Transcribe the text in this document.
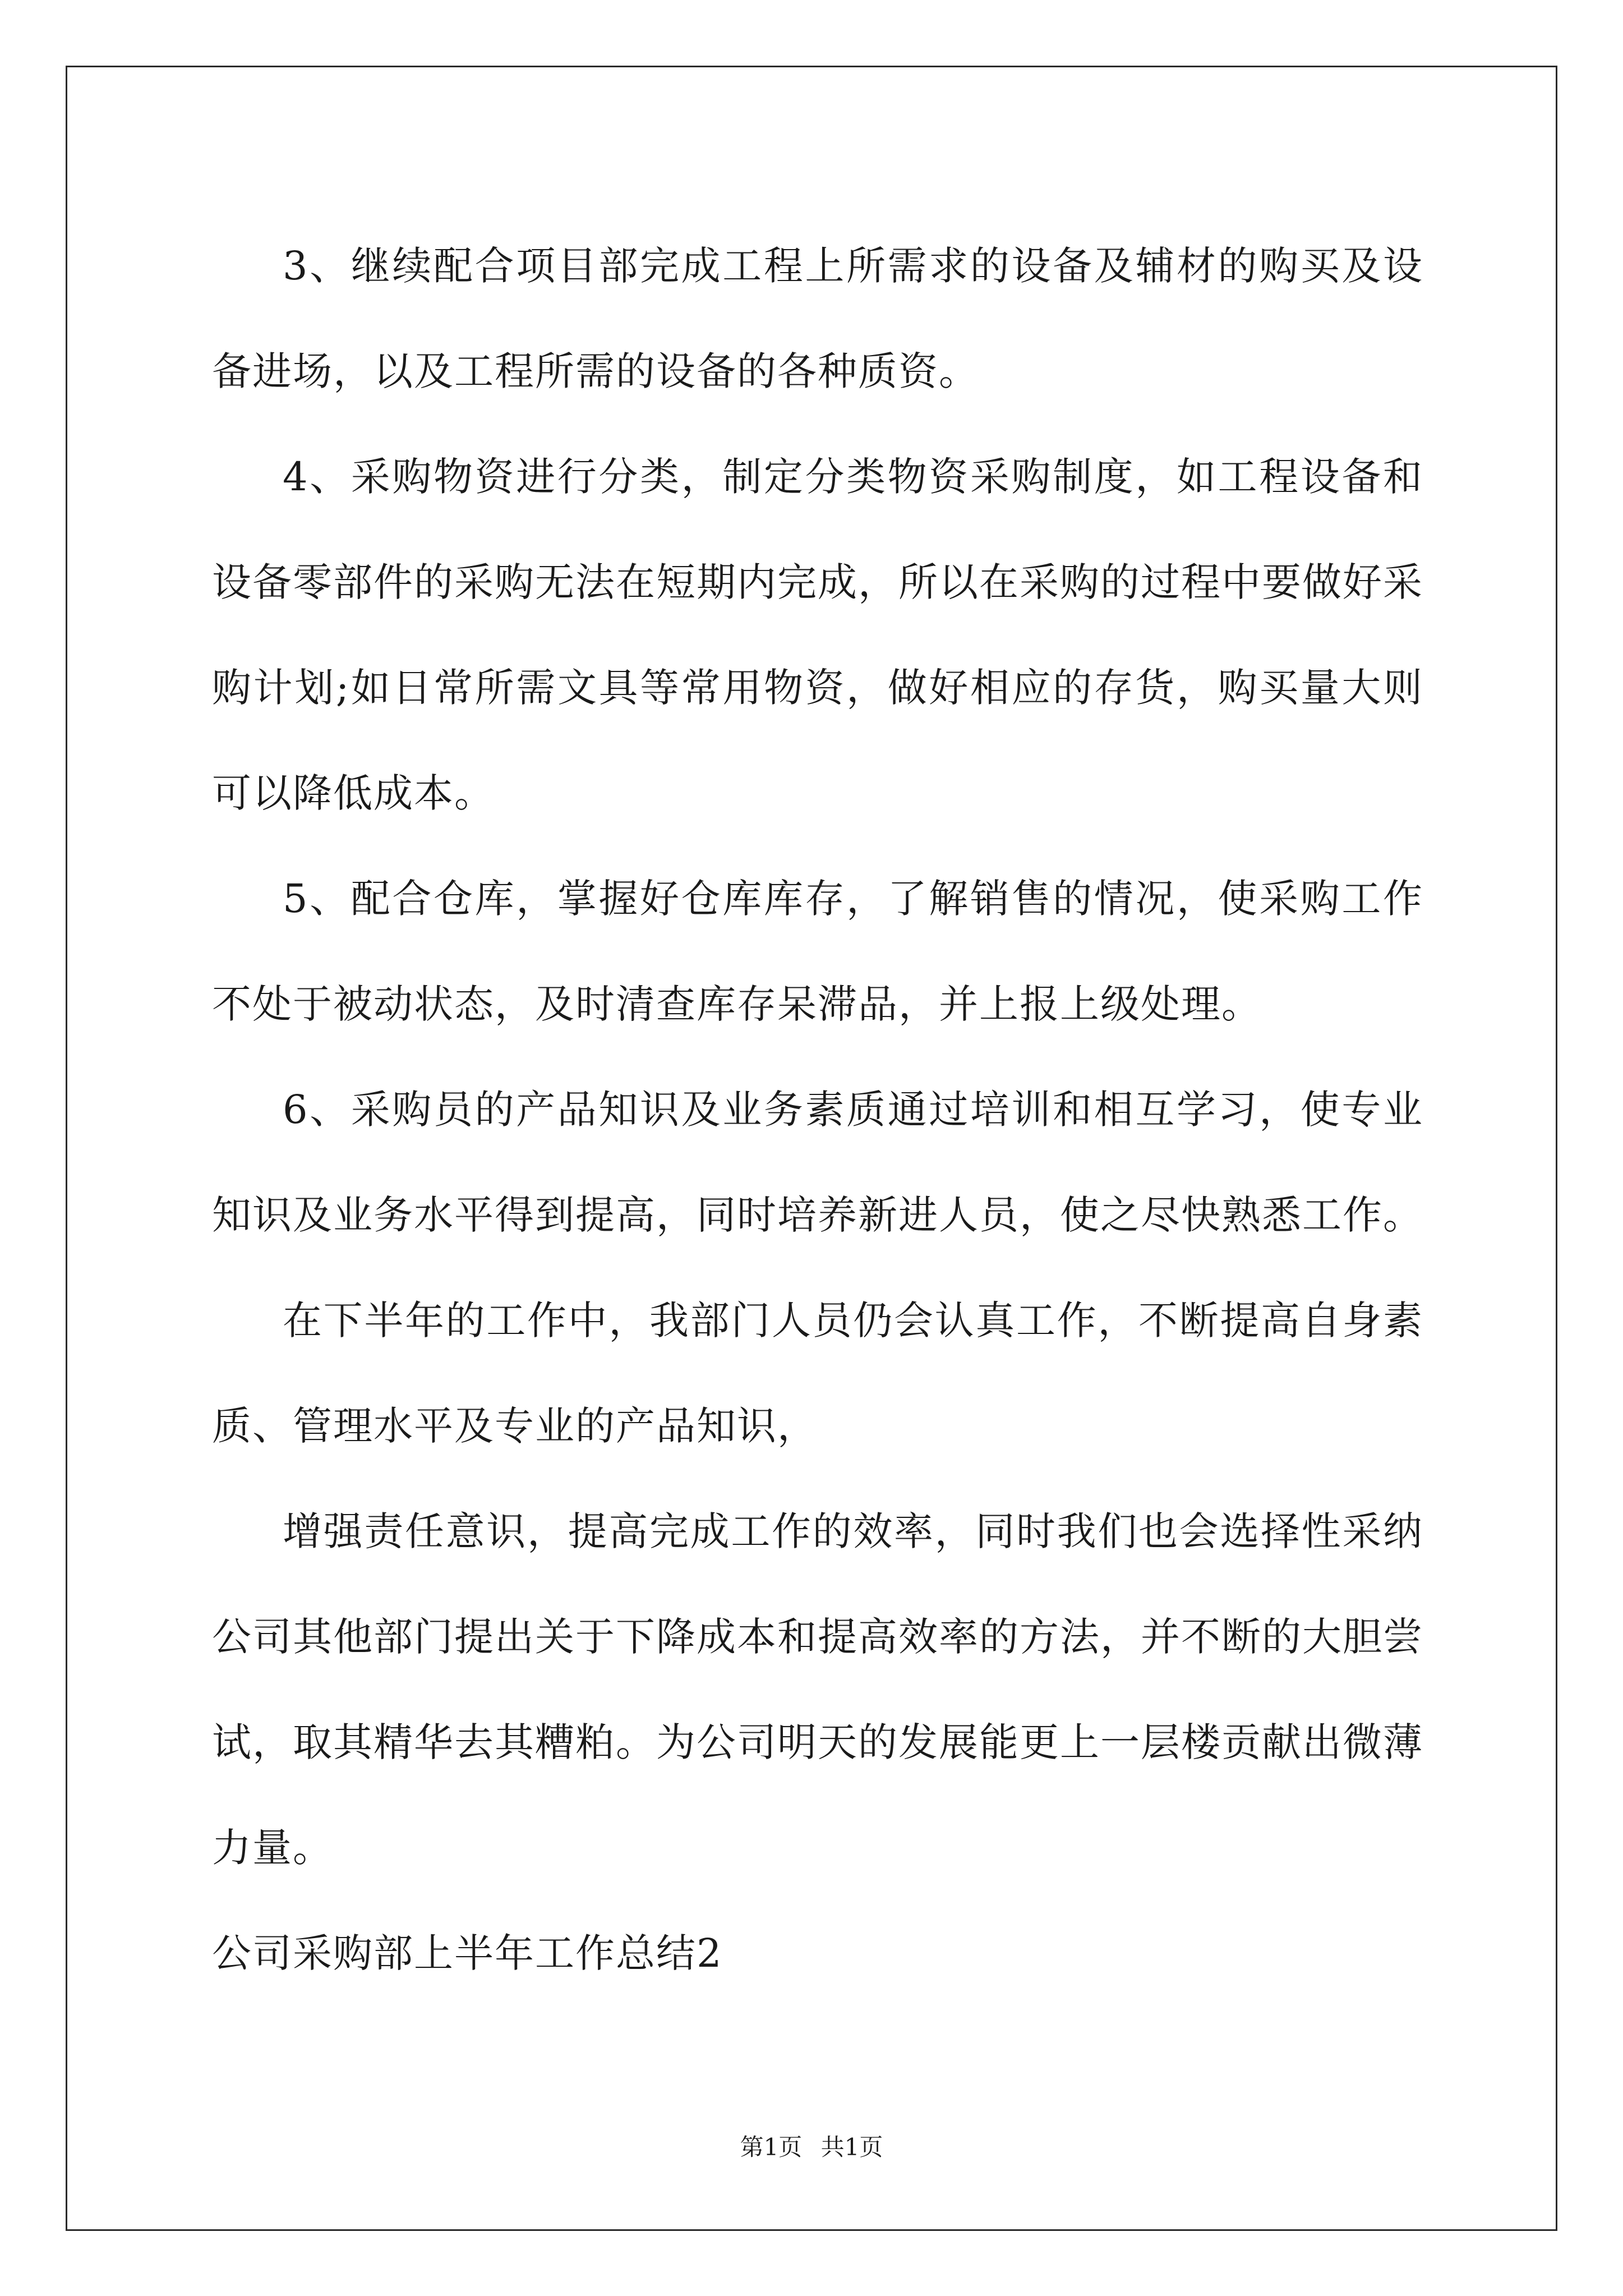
3、继续配合项目部完成工程上所需求的设备及辅材的购买及设备进场，以及工程所需的设备的各种质资。

4、采购物资进行分类，制定分类物资采购制度，如工程设备和设备零部件的采购无法在短期内完成，所以在采购的过程中要做好采购计划;如日常所需文具等常用物资，做好相应的存货，购买量大则可以降低成本。

5、配合仓库，掌握好仓库库存，了解销售的情况，使采购工作不处于被动状态，及时清查库存呆滞品，并上报上级处理。

6、采购员的产品知识及业务素质通过培训和相互学习，使专业知识及业务水平得到提高，同时培养新进人员，使之尽快熟悉工作。

在下半年的工作中，我部门人员仍会认真工作，不断提高自身素质、管理水平及专业的产品知识，

增强责任意识，提高完成工作的效率，同时我们也会选择性采纳公司其他部门提出关于下降成本和提高效率的方法，并不断的大胆尝试，取其精华去其糟粕。为公司明天的发展能更上一层楼贡献出微薄力量。

公司采购部上半年工作总结2

第1页 共1页
